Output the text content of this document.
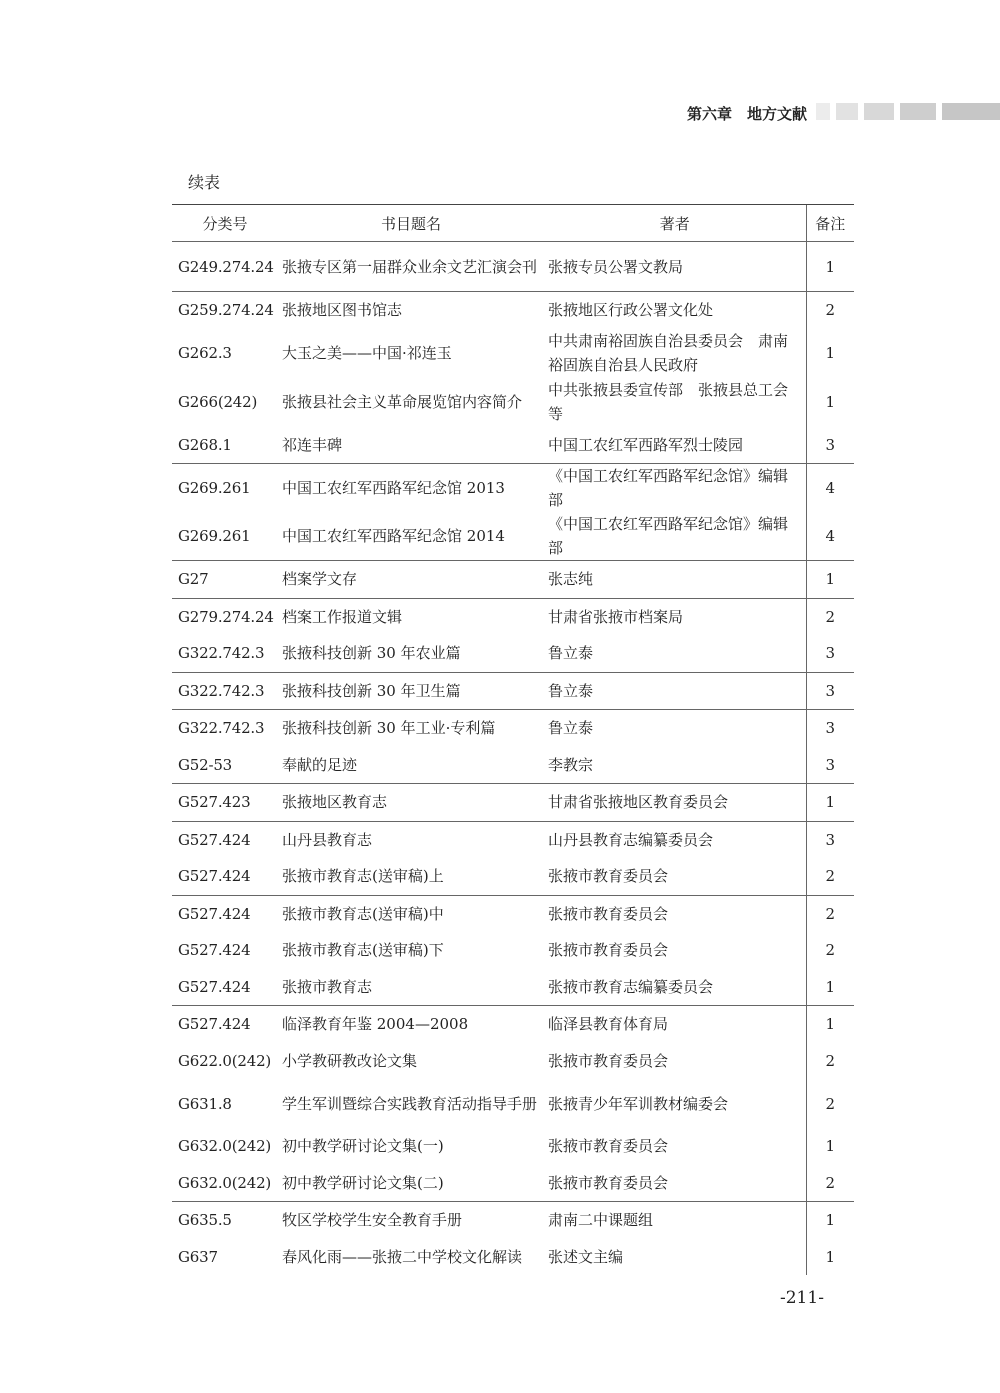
第六章　地方文献
续表
分类号	书目题名	著者	备注
G249.274.24	张掖专区第一届群众业余文艺汇演会刊	张掖专员公署文教局	1
G259.274.24	张掖地区图书馆志	张掖地区行政公署文化处	2
G262.3	大玉之美——中国·祁连玉	中共肃南裕固族自治县委员会　肃南裕固族自治县人民政府	1
G266(242)	张掖县社会主义革命展览馆内容简介	中共张掖县委宣传部　张掖县总工会等	1
G268.1	祁连丰碑	中国工农红军西路军烈士陵园	3
G269.261	中国工农红军西路军纪念馆 2013	《中国工农红军西路军纪念馆》编辑部	4
G269.261	中国工农红军西路军纪念馆 2014	《中国工农红军西路军纪念馆》编辑部	4
G27	档案学文存	张志纯	1
G279.274.24	档案工作报道文辑	甘肃省张掖市档案局	2
G322.742.3	张掖科技创新 30 年农业篇	鲁立泰	3
G322.742.3	张掖科技创新 30 年卫生篇	鲁立泰	3
G322.742.3	张掖科技创新 30 年工业·专利篇	鲁立泰	3
G52-53	奉献的足迹	李教宗	3
G527.423	张掖地区教育志	甘肃省张掖地区教育委员会	1
G527.424	山丹县教育志	山丹县教育志编纂委员会	3
G527.424	张掖市教育志(送审稿)上	张掖市教育委员会	2
G527.424	张掖市教育志(送审稿)中	张掖市教育委员会	2
G527.424	张掖市教育志(送审稿)下	张掖市教育委员会	2
G527.424	张掖市教育志	张掖市教育志编纂委员会	1
G527.424	临泽教育年鉴 2004—2008	临泽县教育体育局	1
G622.0(242)	小学教研教改论文集	张掖市教育委员会	2
G631.8	学生军训暨综合实践教育活动指导手册	张掖青少年军训教材编委会	2
G632.0(242)	初中教学研讨论文集(一)	张掖市教育委员会	1
G632.0(242)	初中教学研讨论文集(二)	张掖市教育委员会	2
G635.5	牧区学校学生安全教育手册	肃南二中课题组	1
G637	春风化雨——张掖二中学校文化解读	张述文主编	1
-211-
